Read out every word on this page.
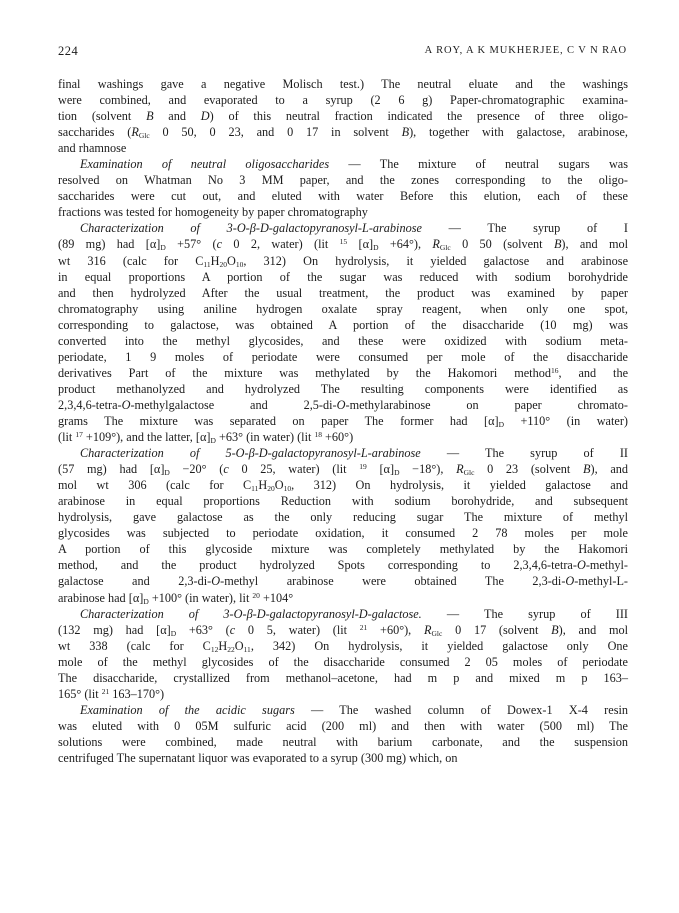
224	A ROY, A K MUKHERJEE, C V N RAO
final washings gave a negative Molisch test.) The neutral eluate and the washings
were combined, and evaporated to a syrup (2 6 g) Paper-chromatographic examina-
tion (solvent B and D) of this neutral fraction indicated the presence of three oligo-
saccharides ($R_{Glc}$ 0 50, 0 23, and 0 17 in solvent B), together with galactose, arabinose,
and rhamnose
Examination of neutral oligosaccharides — The mixture of neutral sugars was
resolved on Whatman No 3 MM paper, and the zones corresponding to the oligo-
saccharides were cut out, and eluted with water Before this elution, each of these
fractions was tested for homogeneity by paper chromatography
Characterization of 3-O-β-D-galactopyranosyl-L-arabinose — The syrup of I
(89 mg) had $[\alpha]_D +57^\circ$ (c 0 2, water) (lit $^{15}$ $[\alpha]_D +64^\circ$), $R_{Glc}$ 0 50 (solvent B), and mol
wt 316 (calc for $C_{11}H_{20}O_{10}$, 312) On hydrolysis, it yielded galactose and arabinose
in equal proportions A portion of the sugar was reduced with sodium borohydride
and then hydrolyzed After the usual treatment, the product was examined by paper
chromatography using aniline hydrogen oxalate spray reagent, when only one spot,
corresponding to galactose, was obtained A portion of the disaccharide (10 mg) was
converted into the methyl glycosides, and these were oxidized with sodium meta-
periodate, 1 9 moles of periodate were consumed per mole of the disaccharide
derivatives Part of the mixture was methylated by the Hakomori method$^{16}$, and the
product methanolyzed and hydrolyzed The resulting components were identified as
2,3,4,6-tetra-O-methylgalactose and 2,5-di-O-methylarabinose on paper chromato-
grams The mixture was separated on paper The former had $[\alpha]_D +110^\circ$ (in water)
(lit $^{17}$ +109°), and the latter, $[\alpha]_D +63^\circ$ (in water) (lit $^{18}$ +60°)
Characterization of 5-O-β-D-galactopyranosyl-L-arabinose — The syrup of II
(57 mg) had $[\alpha]_D -20^\circ$ (c 0 25, water) (lit $^{19}$ $[\alpha]_D -18^\circ$), $R_{Glc}$ 0 23 (solvent B), and
mol wt 306 (calc for $C_{11}H_{20}O_{10}$, 312) On hydrolysis, it yielded galactose and
arabinose in equal proportions Reduction with sodium borohydride, and subsequent
hydrolysis, gave galactose as the only reducing sugar The mixture of methyl
glycosides was subjected to periodate oxidation, it consumed 2 78 moles per mole
A portion of this glycoside mixture was completely methylated by the Hakomori
method, and the product hydrolyzed Spots corresponding to 2,3,4,6-tetra-O-methyl-
galactose and 2,3-di-O-methyl arabinose were obtained The 2,3-di-O-methyl-L-
arabinose had $[\alpha]_D +100^\circ$ (in water), lit $^{20}$ +104°
Characterization of 3-O-β-D-galactopyranosyl-D-galactose. — The syrup of III
(132 mg) had $[\alpha]_D +63^\circ$ (c 0 5, water) (lit $^{21}$ +60°), $R_{Glc}$ 0 17 (solvent B), and mol
wt 338 (calc for $C_{12}H_{22}O_{11}$, 342) On hydrolysis, it yielded galactose only One
mole of the methyl glycosides of the disaccharide consumed 2 05 moles of periodate
The disaccharide, crystallized from methanol–acetone, had m p and mixed m p 163–
165° (lit $^{21}$ 163–170°)
Examination of the acidic sugars — The washed column of Dowex-1 X-4 resin
was eluted with 0 05M sulfuric acid (200 ml) and then with water (500 ml) The
solutions were combined, made neutral with barium carbonate, and the suspension
centrifuged The supernatant liquor was evaporated to a syrup (300 mg) which, on
